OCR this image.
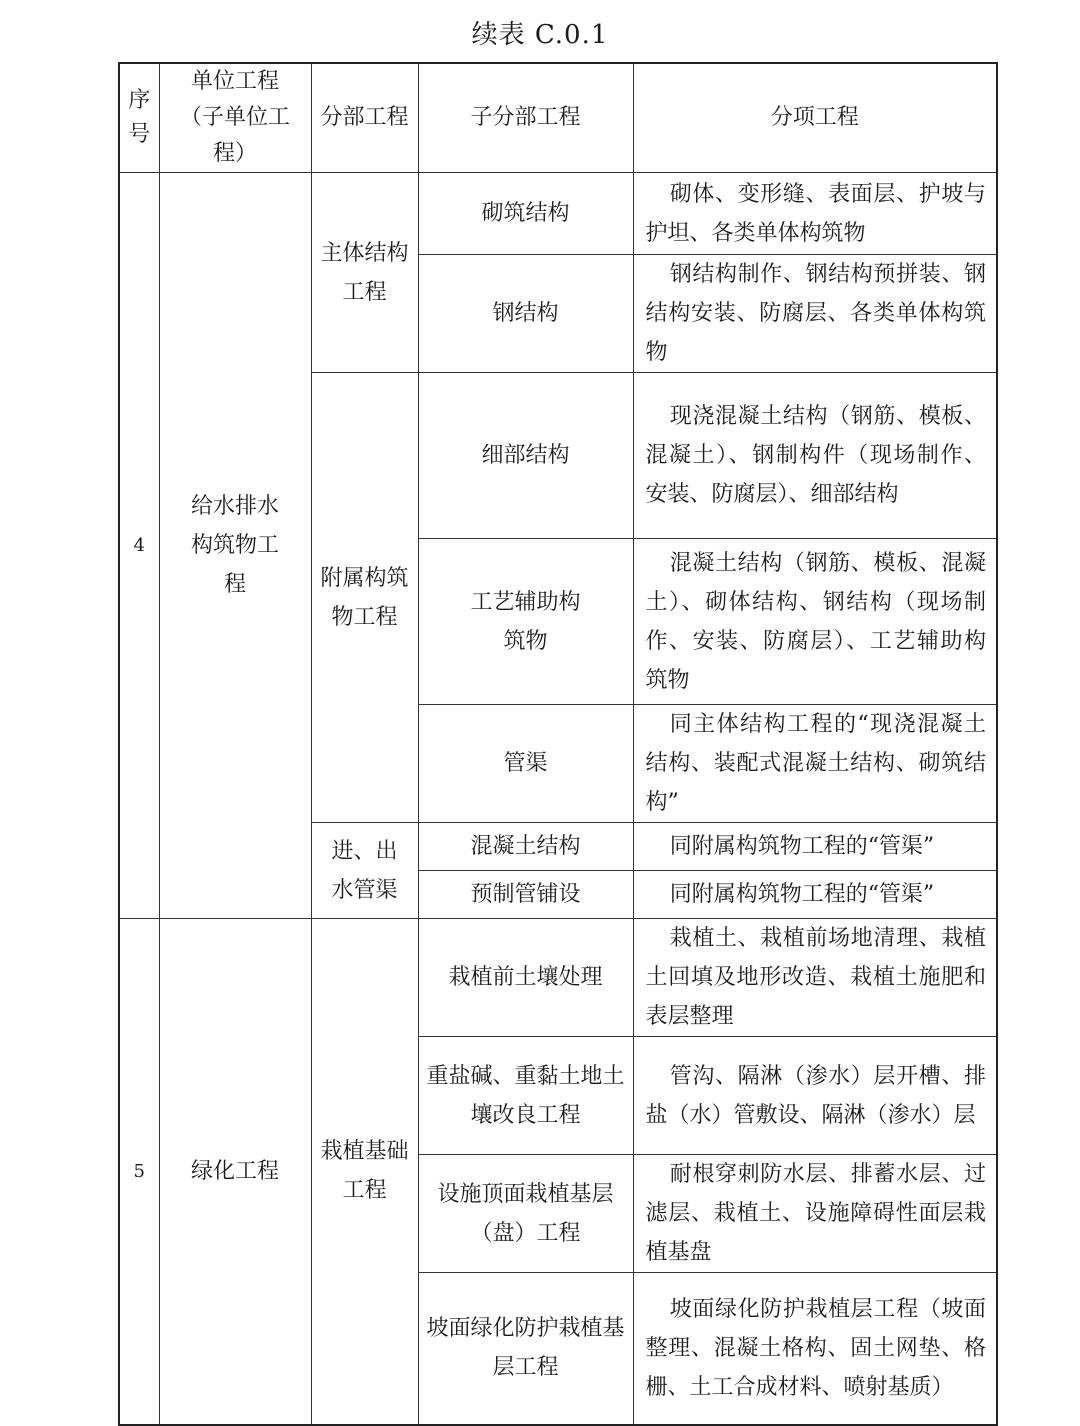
续表 C.0.1
序号	单位工程（子单位工程）	分部工程	子分部工程	分项工程
4	给水排水构筑物工程	主体结构工程	砌筑结构	砌体、变形缝、表面层、护坡与护坦、各类单体构筑物
			钢结构	钢结构制作、钢结构预拼装、钢结构安装、防腐层、各类单体构筑物
		附属构筑物工程	细部结构	现浇混凝土结构（钢筋、模板、混凝土）、钢制构件（现场制作、安装、防腐层）、细部结构
			工艺辅助构筑物	混凝土结构（钢筋、模板、混凝土）、砌体结构、钢结构（现场制作、安装、防腐层）、工艺辅助构筑物
			管渠	同主体结构工程的“现浇混凝土结构、装配式混凝土结构、砌筑结构”
		进、出水管渠	混凝土结构	同附属构筑物工程的“管渠”
			预制管铺设	同附属构筑物工程的“管渠”
5	绿化工程	栽植基础工程	栽植前土壤处理	栽植土、栽植前场地清理、栽植土回填及地形改造、栽植土施肥和表层整理
			重盐碱、重黏土地土壤改良工程	管沟、隔淋（渗水）层开槽、排盐（水）管敷设、隔淋（渗水）层
			设施顶面栽植基层（盘）工程	耐根穿刺防水层、排蓄水层、过滤层、栽植土、设施障碍性面层栽植基盘
			坡面绿化防护栽植基层工程	坡面绿化防护栽植层工程（坡面整理、混凝土格构、固土网垫、格栅、土工合成材料、喷射基质）
